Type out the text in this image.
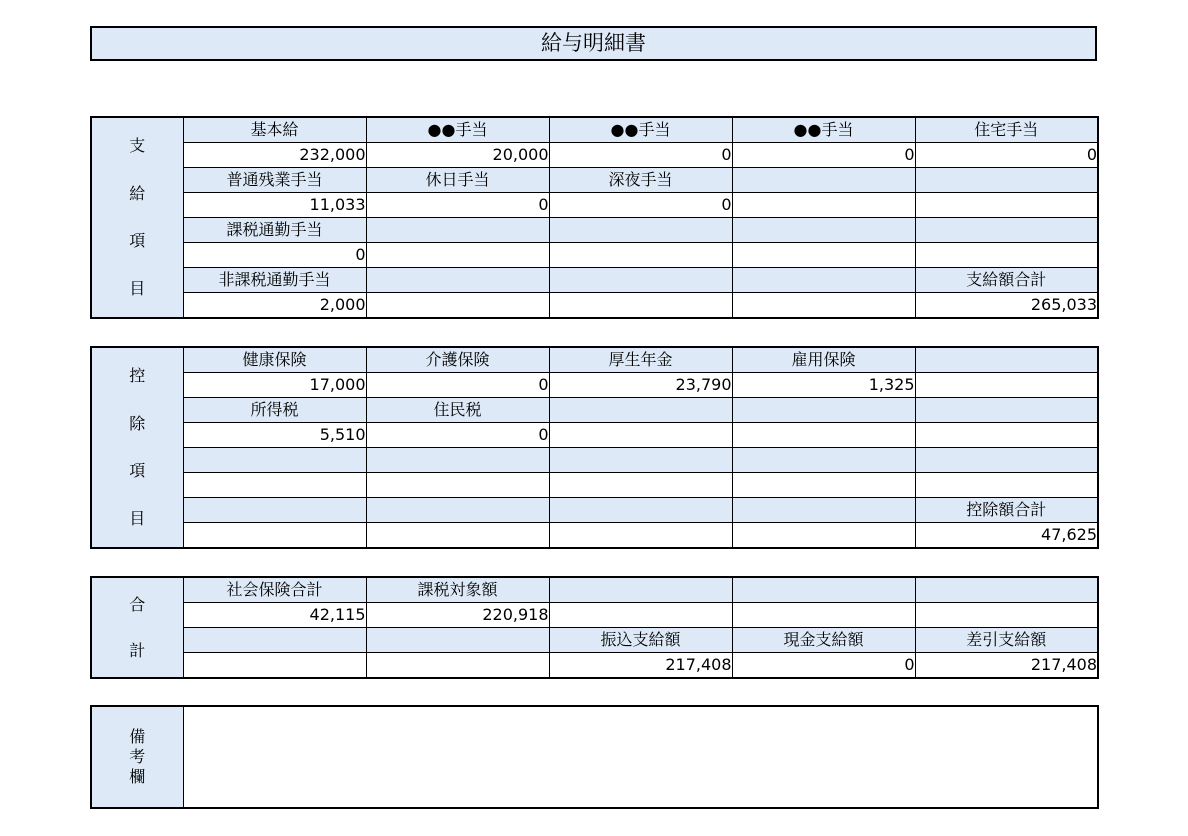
給与明細書
支
給
項
目	基本給	●●手当	●●手当	●●手当	住宅手当
	232,000	20,000	0	0	0
	普通残業手当	休日手当	深夜手当		
	11,033	0	0		
	課税通勤手当				
	0				
	非課税通勤手当				支給額合計
	2,000				265,033
控
除
項
目	健康保険	介護保険	厚生年金	雇用保険	
	17,000	0	23,790	1,325	
	所得税	住民税			
	5,510	0			

					控除額合計
					47,625
合
計	社会保険合計	課税対象額			
	42,115	220,918			
			振込支給額	現金支給額	差引支給額
			217,408	0	217,408
備
考
欄
